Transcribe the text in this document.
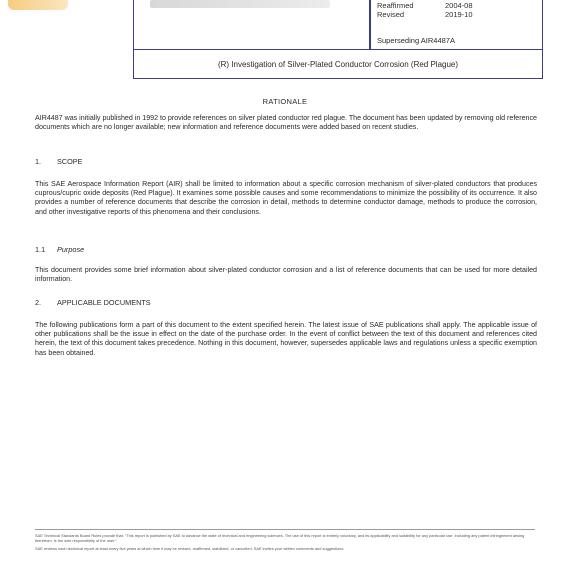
Reaffirmed	2004-08
Revised	2019-10
Superseding AIR4487A
(R) Investigation of Silver-Plated Conductor Corrosion (Red Plague)
RATIONALE
AIR4487 was initially published in 1992 to provide references on silver plated conductor red plague. The document has been updated by removing old reference documents which are no longer available; new information and reference documents were added based on recent studies.
1. SCOPE
This SAE Aerospace Information Report (AIR) shall be limited to information about a specific corrosion mechanism of silver-plated conductors that produces cuprous/cupric oxide deposits (Red Plague). It examines some possible causes and some recommendations to minimize the possibility of its occurrence. It also provides a number of reference documents that describe the corrosion in detail, methods to determine conductor damage, methods to produce the corrosion, and other investigative reports of this phenomena and their conclusions.
1.1 Purpose
This document provides some brief information about silver-plated conductor corrosion and a list of reference documents that can be used for more detailed information.
2. APPLICABLE DOCUMENTS
The following publications form a part of this document to the extent specified herein. The latest issue of SAE publications shall apply. The applicable issue of other publications shall be the issue in effect on the date of the purchase order. In the event of conflict between the text of this document and references cited herein, the text of this document takes precedence. Nothing in this document, however, supersedes applicable laws and regulations unless a specific exemption has been obtained.
SAE Technical Standards Board Rules provide that: "This report is published by SAE to advance the state of technical and engineering sciences. The use of this report is entirely voluntary, and its applicability and suitability for any particular use, including any patent infringement arising therefrom, is the sole responsibility of the user."
SAE reviews each technical report at least every five years at which time it may be revised, reaffirmed, stabilized, or cancelled. SAE invites your written comments and suggestions.
